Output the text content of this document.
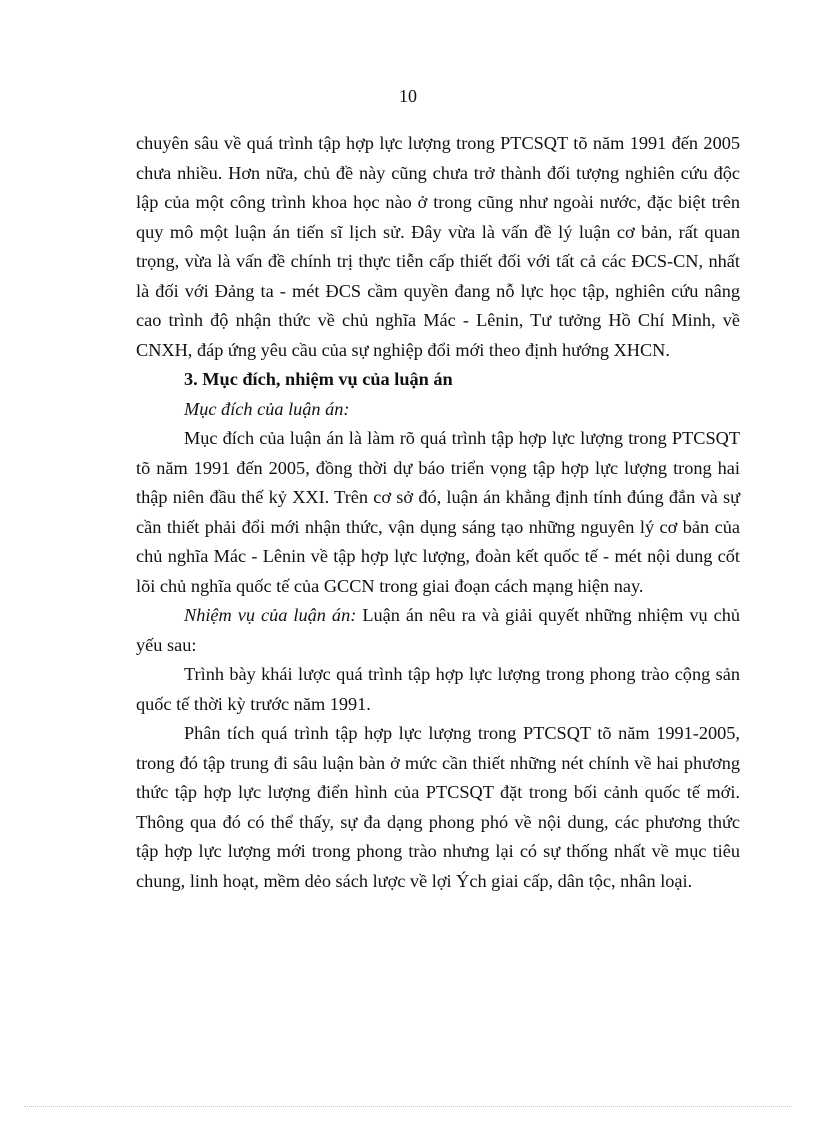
10

chuyên sâu về quá trình tập hợp lực lượng trong PTCSQT tõ năm 1991 đến 2005 chưa nhiều. Hơn nữa, chủ đề này cũng chưa trở thành đối tượng nghiên cứu độc lập của một công trình khoa học nào ở trong cũng như ngoài nước, đặc biệt trên quy mô một luận án tiến sĩ lịch sử. Đây vừa là vấn đề lý luận cơ bản, rất quan trọng, vừa là vấn đề chính trị thực tiễn cấp thiết đối với tất cả các ĐCS-CN, nhất là đối với Đảng ta - mét ĐCS cầm quyền đang nỗ lực học tập, nghiên cứu nâng cao trình độ nhận thức về chủ nghĩa Mác - Lênin, Tư tưởng Hồ Chí Minh, về CNXH, đáp ứng yêu cầu của sự nghiệp đổi mới theo định hướng XHCN.

3. Mục đích, nhiệm vụ của luận án

Mục đích của luận án:

Mục đích của luận án là làm rõ quá trình tập hợp lực lượng trong PTCSQT tõ năm 1991 đến 2005, đồng thời dự báo triển vọng tập hợp lực lượng trong hai thập niên đầu thế kỷ XXI. Trên cơ sở đó, luận án khẳng định tính đúng đắn và sự cần thiết phải đổi mới nhận thức, vận dụng sáng tạo những nguyên lý cơ bản của chủ nghĩa Mác - Lênin về tập hợp lực lượng, đoàn kết quốc tế - mét nội dung cốt lõi chủ nghĩa quốc tế của GCCN trong giai đoạn cách mạng hiện nay.

Nhiệm vụ của luận án: Luận án nêu ra và giải quyết những nhiệm vụ chủ yếu sau:

Trình bày khái lược quá trình tập hợp lực lượng trong phong trào cộng sản quốc tế thời kỳ trước năm 1991.

Phân tích quá trình tập hợp lực lượng trong PTCSQT tõ năm 1991-2005, trong đó tập trung đi sâu luận bàn ở mức cần thiết những nét chính về hai phương thức tập hợp lực lượng điển hình của PTCSQT đặt trong bối cảnh quốc tế mới. Thông qua đó có thể thấy, sự đa dạng phong phó về nội dung, các phương thức tập hợp lực lượng mới trong phong trào nhưng lại có sự thống nhất về mục tiêu chung, linh hoạt, mềm dẻo sách lược về lợi Ých giai cấp, dân tộc, nhân loại.
